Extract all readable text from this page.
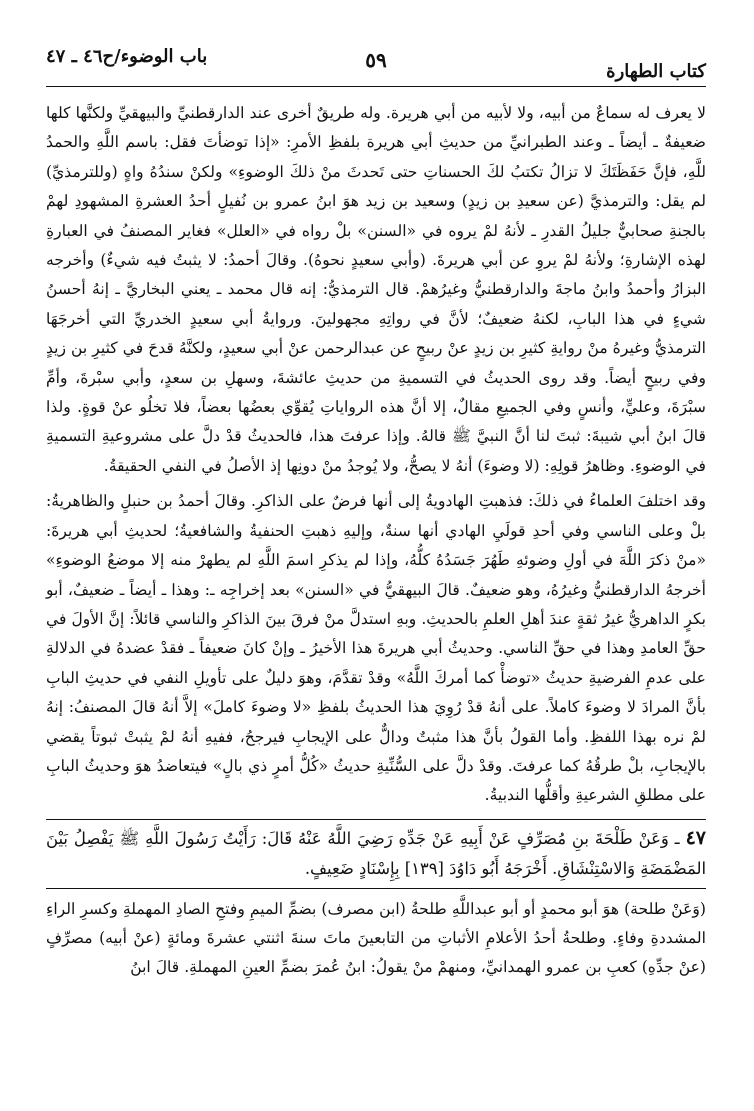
كتاب الطهارة
٥٩
باب الوضوء/ح٤٦ ـ ٤٧

لا يعرف له سماعٌ من أبيه، ولا لأبيه من أبي هريرة. وله طريقٌ أخرى عند الدارقطنيِّ والبيهقيِّ ولكنَّها كلها ضعيفةٌ ـ أيضاً ـ وعند الطبرانيِّ من حديثِ أبي هريرة بلفظِ الأمرِ: «إذا توضأتَ فقل: باسم اللَّهِ والحمدُ للَّهِ، فإنَّ حَفَظَتَكَ لا تزالُ تكتبُ لكَ الحسناتِ حتى تَحدثَ منْ ذلكَ الوضوءِ» ولكنْ سندُهُ واهٍ (وللترمذيِّ) لم يقل: والترمذيَّ (عن سعيدِ بن زيدٍ) وسعيد بن زيد هوَ ابنُ عمرو بن نُفيلٍ أحدُ العشرةِ المشهودِ لهمْ بالجنةِ صحابيٌّ جليلُ القدرِ ـ لأنهُ لمْ يروه في «السنن» بلْ رواه في «العلل» فغاير المصنفُ في العبارةِ لهذه الإشارةِ؛ ولأنهُ لمْ يروِ عن أبي هريرةَ. (وأبي سعيدٍ نحوهُ). وقالَ أحمدُ: لا يثبتُ فيه شيءٌ) وأخرجه البزارُ وأحمدُ وابنُ ماجةَ والدارقطنيُّ وغيرُهمْ. قال الترمذيُّ: إنه قال محمد ـ يعني البخاريَّ ـ إنهُ أحسنُ شيءٍ في هذا البابِ، لكنهُ ضعيفٌ؛ لأنَّ في رواتِهِ مجهولينَ. وروايةُ أبي سعيدٍ الخدريِّ التي أخرجَهَا الترمذيُّ وغيرهُ منْ روايةِ كثيرِ بن زيدٍ عنْ ربيحٍ عن عبدالرحمن عنْ أبي سعيدٍ، ولكنَّهُ قدحَ في كثيرِ بن زيدٍ وفي ربيحٍ أيضاً. وقد روى الحديثُ في التسميةِ من حديثِ عائشةَ، وسهلِ بن سعدٍ، وأبي سبْرةَ، وأمِّ سبْرَةَ، وعليٍّ، وأنسٍ وفي الجميعِ مقالٌ، إلا أنَّ هذه الرواياتِ يُقوِّي بعضُها بعضاً، فلا تخلُو عنْ قوةٍ. ولذا قالَ ابنُ أبي شيبةَ: ثبتَ لنا أنَّ النبيَّ ﷺ قالهُ. وإذا عرفتَ هذا، فالحديثُ قدْ دلَّ على مشروعيةِ التسميةِ في الوضوءِ. وظاهرُ قولِهِ: (لا وضوءَ) أنهُ لا يصحُّ، ولا يُوجدُ منْ دونِها إذ الأصلُ في النفي الحقيقةُ.

وقد اختلفَ العلماءُ في ذلكَ: فذهبتِ الهادويةُ إلى أنها فرضٌ على الذاكرِ. وقالَ أحمدُ بن حنبلٍ والظاهريةُ: بلْ وعلى الناسي وفي أحدِ قولَيِ الهادي أنها سنةٌ، وإليهِ ذهبتِ الحنفيةُ والشافعيةُ؛ لحديثِ أبي هريرةَ: «منْ ذكرَ اللَّهَ في أولِ وضوئهِ طَهُرَ جَسَدُهُ كلُّهُ، وإذا لم يذكرِ اسمَ اللَّهِ لم يطهرْ منه إلا موضعُ الوضوءِ» أخرجهُ الدارقطنيُّ وغيرُهُ، وهو ضعيفٌ. قالَ البيهقيُّ في «السنن» بعد إخراجِه ـ: وهذا ـ أيضاً ـ ضعيفٌ، أبو بكرٍ الداهريُّ غيرُ ثقةٍ عندَ أهلِ العلمِ بالحديثِ. وبهِ استدلَّ منْ فرقَ بينَ الذاكرِ والناسي قائلاً: إنَّ الأولَ في حقِّ العامدِ وهذا في حقِّ الناسي. وحديثُ أبي هريرةَ هذا الأخيرُ ـ وإنْ كانَ ضعيفاً ـ فقدْ عضدهُ في الدلالةِ على عدمِ الفرضيةِ حديثُ «توضأْ كما أمركَ اللَّهُ» وقدْ تقدَّمَ، وهوَ دليلٌ على تأويلِ النفي في حديثِ البابِ بأنَّ المرادَ لا وضوءَ كاملاً. على أنهُ قدْ رُوِيَ هذا الحديثُ بلفظِ «لا وضوءَ كاملَ» إلاَّ أنهُ قالَ المصنفُ: إنهُ لمْ نره بهذا اللفظِ. وأما القولُ بأنَّ هذا مثبتٌ ودالٌّ على الإيجابِ فيرجحُ، ففيهِ أنهُ لمْ يثبتْ ثبوتاً يقضي بالإيجابِ، بلْ طرقُهُ كما عرفتَ. وقدْ دلَّ على السُّنِّيةِ حديثُ «كُلُّ أمرٍ ذي بالٍ» فيتعاضدُ هوَ وحديثُ البابِ على مطلقِ الشرعيةِ وأقلُّها الندبيةُ.

٤٧ـ وَعَنْ طَلْحَةَ بنِ مُصَرِّفٍ عَنْ أَبِيهِ عَنْ جَدِّهِ رَضِيَ اللَّهُ عَنْهُ قَالَ: رَأَيْتُ رَسُولَ اللَّهِ ﷺ يَفْصِلُ بَيْنَ المَضْمَضَةِ وَالاسْتِنْشَاقِ. أَخْرَجَهُ أَبُو دَاوُدَ [١٣٩] بِإِسْنَادٍ ضَعِيفٍ.

(وَعَنْ طلحة) هوَ أبو محمدٍ أو أبو عبداللَّهِ طلحةُ (ابن مصرف) بضمِّ الميمِ وفتحِ الصادِ المهملةِ وكسرِ الراءِ المشددةِ وفاءٍ. وطلحةُ أحدُ الأعلامِ الأثباتِ من التابعينَ ماتَ سنةَ اثنتي عشرةَ ومائةٍ (عنْ أبيه) مصرِّفٍ (عنْ جدِّهِ) كعبِ بن عمرو الهمدانيِّ، ومنهمْ منْ يقولُ: ابنُ عُمرَ بضمِّ العينِ المهملةِ. قالَ ابنُ
